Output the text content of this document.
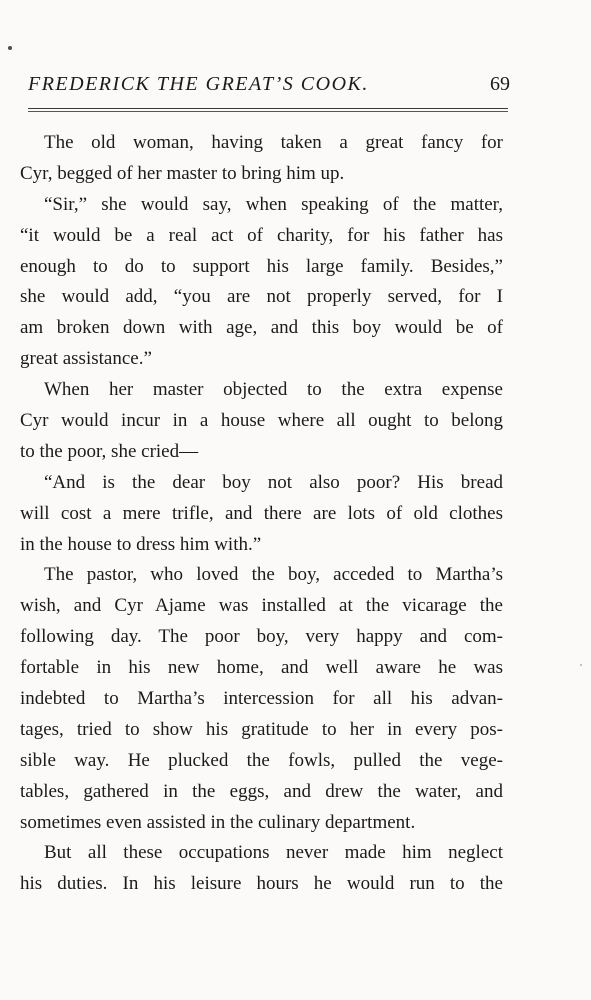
FREDERICK THE GREAT’S COOK.	69
The old woman, having taken a great fancy for
Cyr, begged of her master to bring him up.
“Sir,” she would say, when speaking of the matter,
“it would be a real act of charity, for his father has
enough to do to support his large family. Besides,”
she would add, “you are not properly served, for I
am broken down with age, and this boy would be of
great assistance.”
When her master objected to the extra expense
Cyr would incur in a house where all ought to belong
to the poor, she cried—
“And is the dear boy not also poor? His bread
will cost a mere trifle, and there are lots of old clothes
in the house to dress him with.”
The pastor, who loved the boy, acceded to Martha’s
wish, and Cyr Ajame was installed at the vicarage the
following day. The poor boy, very happy and com-
fortable in his new home, and well aware he was
indebted to Martha’s intercession for all his advan-
tages, tried to show his gratitude to her in every pos-
sible way. He plucked the fowls, pulled the vege-
tables, gathered in the eggs, and drew the water, and
sometimes even assisted in the culinary department.
But all these occupations never made him neglect
his duties. In his leisure hours he would run to the
